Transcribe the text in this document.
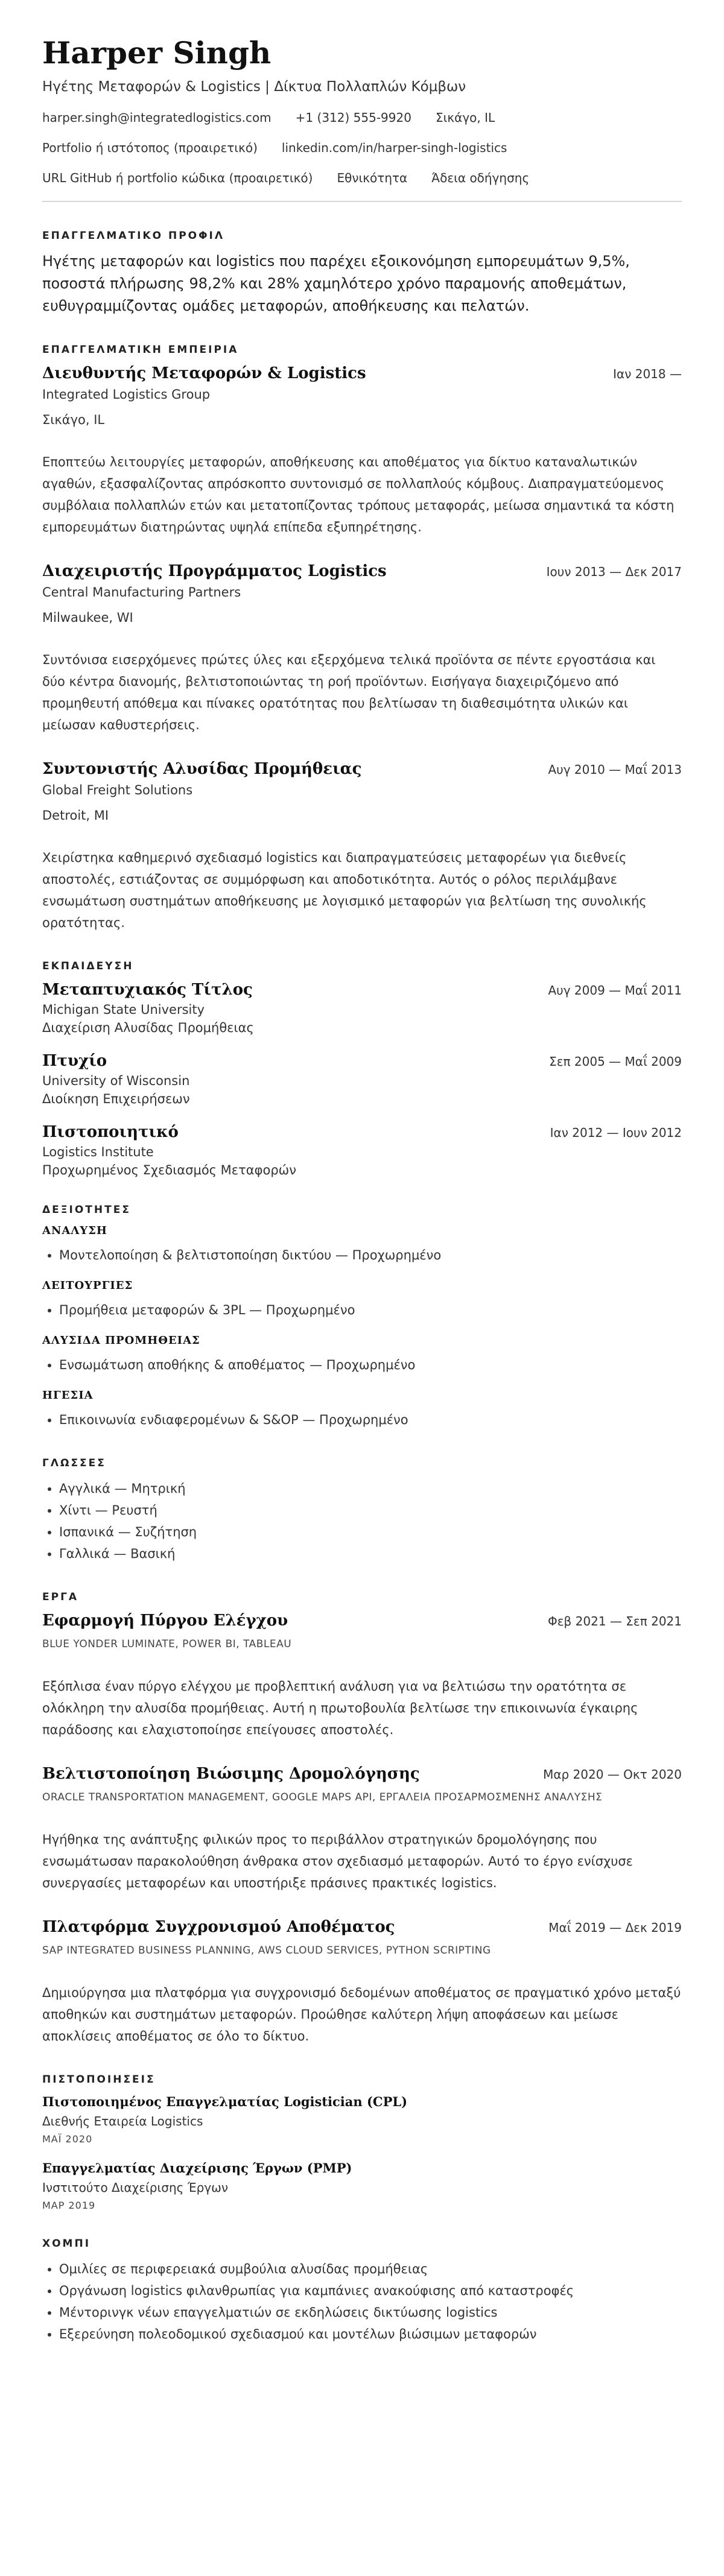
Harper Singh
Ηγέτης Μεταφορών & Logistics | Δίκτυα Πολλαπλών Κόμβων
harper.singh@integratedlogistics.com +1 (312) 555-9920 Σικάγο, IL
Portfolio ή ιστότοπος (προαιρετικό) linkedin.com/in/harper-singh-logistics
URL GitHub ή portfolio κώδικα (προαιρετικό) Εθνικότητα Άδεια οδήγησης
ΕΠΑΓΓΕΛΜΑΤΙΚΟ ΠΡΟΦΙΛ
Ηγέτης μεταφορών και logistics που παρέχει εξοικονόμηση εμπορευμάτων 9,5%, ποσοστά πλήρωσης 98,2% και 28% χαμηλότερο χρόνο παραμονής αποθεμάτων, ευθυγραμμίζοντας ομάδες μεταφορών, αποθήκευσης και πελατών.
ΕΠΑΓΓΕΛΜΑΤΙΚΗ ΕΜΠΕΙΡΙΑ
Διευθυντής Μεταφορών & Logistics	Ιαν 2018 —
Integrated Logistics Group
Σικάγο, IL
Εποπτεύω λειτουργίες μεταφορών, αποθήκευσης και αποθέματος για δίκτυο καταναλωτικών αγαθών, εξασφαλίζοντας απρόσκοπτο συντονισμό σε πολλαπλούς κόμβους. Διαπραγματεύομενος συμβόλαια πολλαπλών ετών και μετατοπίζοντας τρόπους μεταφοράς, μείωσα σημαντικά τα κόστη εμπορευμάτων διατηρώντας υψηλά επίπεδα εξυπηρέτησης.
Διαχειριστής Προγράμματος Logistics	Ιουν 2013 — Δεκ 2017
Central Manufacturing Partners
Milwaukee, WI
Συντόνισα εισερχόμενες πρώτες ύλες και εξερχόμενα τελικά προϊόντα σε πέντε εργοστάσια και δύο κέντρα διανομής, βελτιστοποιώντας τη ροή προϊόντων. Εισήγαγα διαχειριζόμενο από προμηθευτή απόθεμα και πίνακες ορατότητας που βελτίωσαν τη διαθεσιμότητα υλικών και μείωσαν καθυστερήσεις.
Συντονιστής Αλυσίδας Προμήθειας	Αυγ 2010 — Μαΐ 2013
Global Freight Solutions
Detroit, MI
Χειρίστηκα καθημερινό σχεδιασμό logistics και διαπραγματεύσεις μεταφορέων για διεθνείς αποστολές, εστιάζοντας σε συμμόρφωση και αποδοτικότητα. Αυτός ο ρόλος περιλάμβανε ενσωμάτωση συστημάτων αποθήκευσης με λογισμικό μεταφορών για βελτίωση της συνολικής ορατότητας.
ΕΚΠΑΙΔΕΥΣΗ
Μεταπτυχιακός Τίτλος	Αυγ 2009 — Μαΐ 2011
Michigan State University
Διαχείριση Αλυσίδας Προμήθειας
Πτυχίο	Σεπ 2005 — Μαΐ 2009
University of Wisconsin
Διοίκηση Επιχειρήσεων
Πιστοποιητικό	Ιαν 2012 — Ιουν 2012
Logistics Institute
Προχωρημένος Σχεδιασμός Μεταφορών
ΔΕΞΙΟΤΗΤΕΣ
ΑΝΑΛΥΣΗ
• Μοντελοποίηση & βελτιστοποίηση δικτύου — Προχωρημένο
ΛΕΙΤΟΥΡΓΙΕΣ
• Προμήθεια μεταφορών & 3PL — Προχωρημένο
ΑΛΥΣΙΔΑ ΠΡΟΜΗΘΕΙΑΣ
• Ενσωμάτωση αποθήκης & αποθέματος — Προχωρημένο
ΗΓΕΣΙΑ
• Επικοινωνία ενδιαφερομένων & S&OP — Προχωρημένο
ΓΛΩΣΣΕΣ
• Αγγλικά — Μητρική
• Χίντι — Ρευστή
• Ισπανικά — Συζήτηση
• Γαλλικά — Βασική
ΕΡΓΑ
Εφαρμογή Πύργου Ελέγχου	Φεβ 2021 — Σεπ 2021
BLUE YONDER LUMINATE, POWER BI, TABLEAU
Εξόπλισα έναν πύργο ελέγχου με προβλεπτική ανάλυση για να βελτιώσω την ορατότητα σε ολόκληρη την αλυσίδα προμήθειας. Αυτή η πρωτοβουλία βελτίωσε την επικοινωνία έγκαιρης παράδοσης και ελαχιστοποίησε επείγουσες αποστολές.
Βελτιστοποίηση Βιώσιμης Δρομολόγησης	Μαρ 2020 — Οκτ 2020
ORACLE TRANSPORTATION MANAGEMENT, GOOGLE MAPS API, ΕΡΓΑΛΕΙΑ ΠΡΟΣΑΡΜΟΣΜΕΝΗΣ ΑΝΑΛΥΣΗΣ
Ηγήθηκα της ανάπτυξης φιλικών προς το περιβάλλον στρατηγικών δρομολόγησης που ενσωμάτωσαν παρακολούθηση άνθρακα στον σχεδιασμό μεταφορών. Αυτό το έργο ενίσχυσε συνεργασίες μεταφορέων και υποστήριξε πράσινες πρακτικές logistics.
Πλατφόρμα Συγχρονισμού Αποθέματος	Μαΐ 2019 — Δεκ 2019
SAP INTEGRATED BUSINESS PLANNING, AWS CLOUD SERVICES, PYTHON SCRIPTING
Δημιούργησα μια πλατφόρμα για συγχρονισμό δεδομένων αποθέματος σε πραγματικό χρόνο μεταξύ αποθηκών και συστημάτων μεταφορών. Προώθησε καλύτερη λήψη αποφάσεων και μείωσε αποκλίσεις αποθέματος σε όλο το δίκτυο.
ΠΙΣΤΟΠΟΙΗΣΕΙΣ
Πιστοποιημένος Επαγγελματίας Logistician (CPL)
Διεθνής Εταιρεία Logistics
ΜΑΪ 2020
Επαγγελματίας Διαχείρισης Έργων (PMP)
Ινστιτούτο Διαχείρισης Έργων
ΜΑΡ 2019
ΧΟΜΠΙ
• Ομιλίες σε περιφερειακά συμβούλια αλυσίδας προμήθειας
• Οργάνωση logistics φιλανθρωπίας για καμπάνιες ανακούφισης από καταστροφές
• Μέντορινγκ νέων επαγγελματιών σε εκδηλώσεις δικτύωσης logistics
• Εξερεύνηση πολεοδομικού σχεδιασμού και μοντέλων βιώσιμων μεταφορών
